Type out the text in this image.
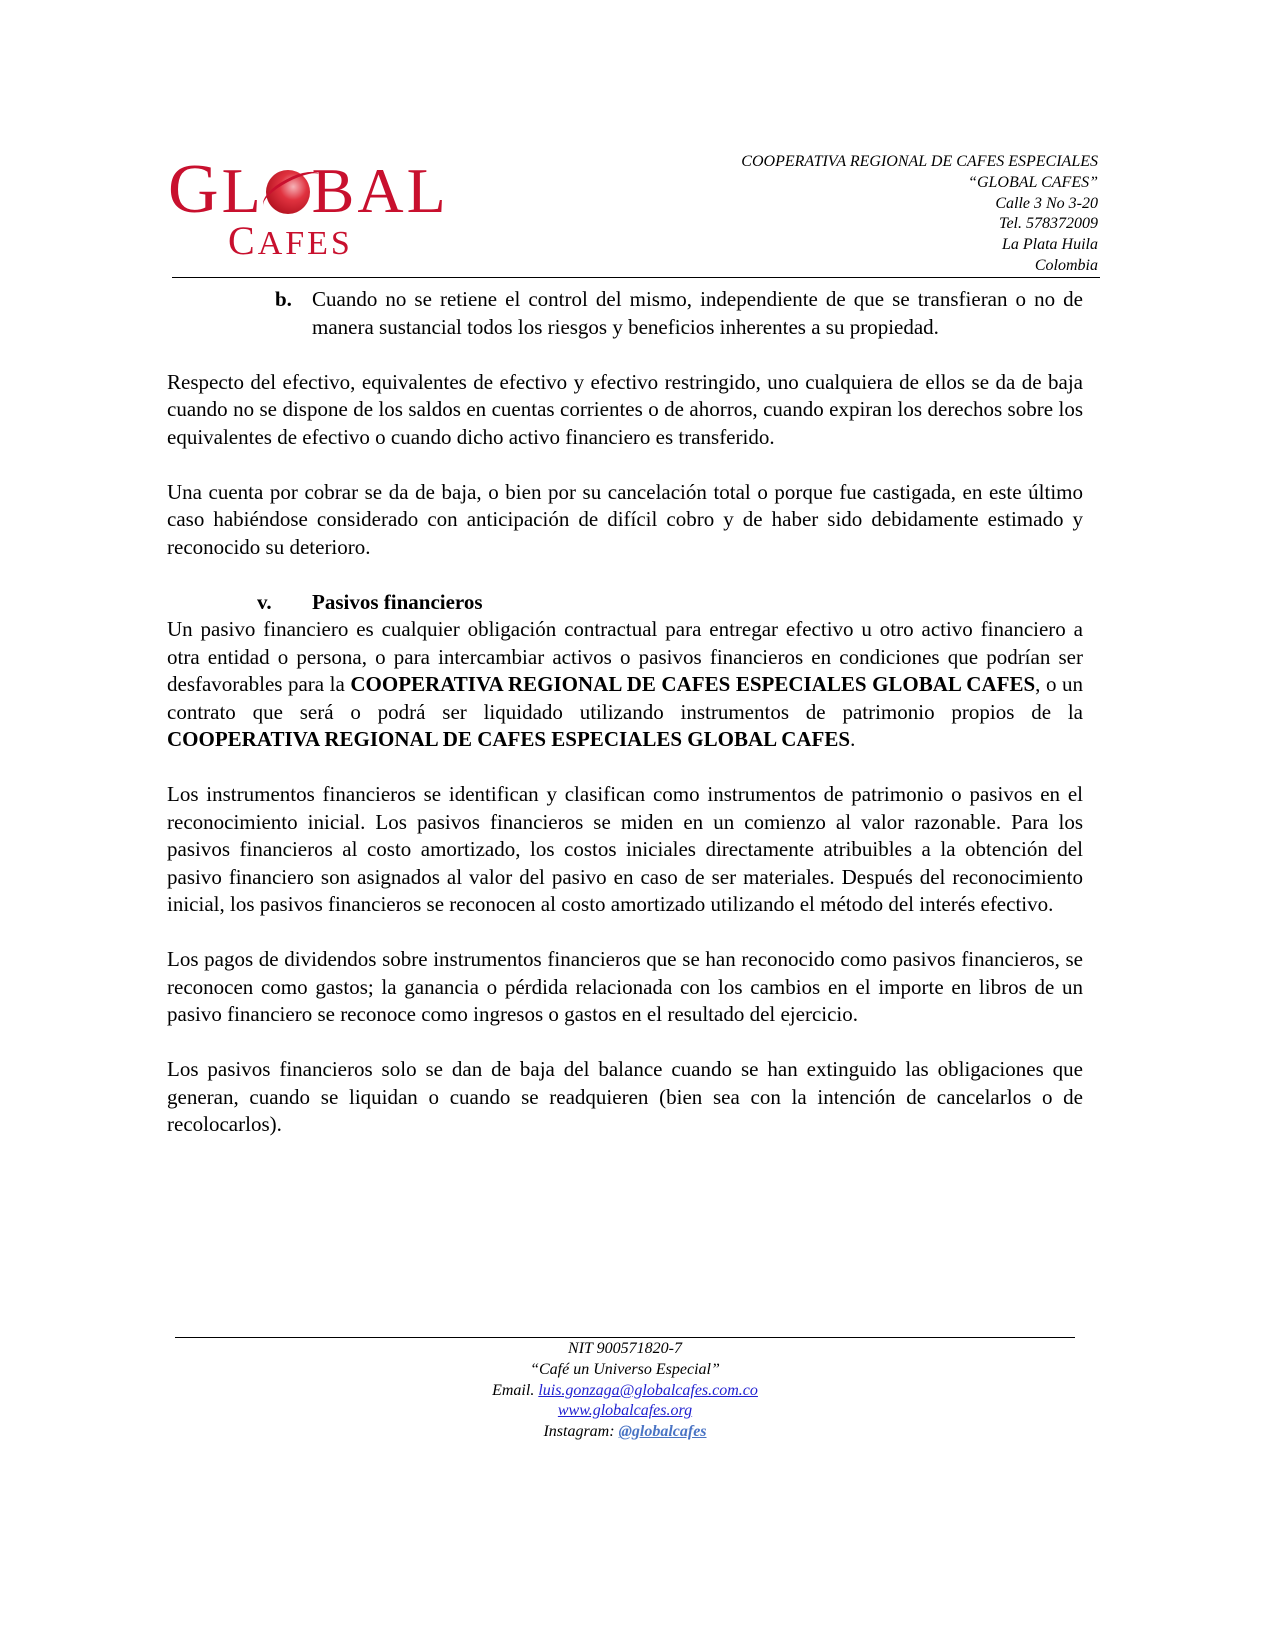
GL BAL
CAFES
COOPERATIVA REGIONAL DE CAFES ESPECIALES
“GLOBAL CAFES”
Calle 3 No 3-20
Tel. 578372009
La Plata Huila
Colombia

b. Cuando no se retiene el control del mismo, independiente de que se transfieran o no de manera sustancial todos los riesgos y beneficios inherentes a su propiedad.

Respecto del efectivo, equivalentes de efectivo y efectivo restringido, uno cualquiera de ellos se da de baja cuando no se dispone de los saldos en cuentas corrientes o de ahorros, cuando expiran los derechos sobre los equivalentes de efectivo o cuando dicho activo financiero es transferido.

Una cuenta por cobrar se da de baja, o bien por su cancelación total o porque fue castigada, en este último caso habiéndose considerado con anticipación de difícil cobro y de haber sido debidamente estimado y reconocido su deterioro.

v. Pasivos financieros

Un pasivo financiero es cualquier obligación contractual para entregar efectivo u otro activo financiero a otra entidad o persona, o para intercambiar activos o pasivos financieros en condiciones que podrían ser desfavorables para la COOPERATIVA REGIONAL DE CAFES ESPECIALES GLOBAL CAFES, o un contrato que será o podrá ser liquidado utilizando instrumentos de patrimonio propios de la COOPERATIVA REGIONAL DE CAFES ESPECIALES GLOBAL CAFES.

Los instrumentos financieros se identifican y clasifican como instrumentos de patrimonio o pasivos en el reconocimiento inicial. Los pasivos financieros se miden en un comienzo al valor razonable. Para los pasivos financieros al costo amortizado, los costos iniciales directamente atribuibles a la obtención del pasivo financiero son asignados al valor del pasivo en caso de ser materiales. Después del reconocimiento inicial, los pasivos financieros se reconocen al costo amortizado utilizando el método del interés efectivo.

Los pagos de dividendos sobre instrumentos financieros que se han reconocido como pasivos financieros, se reconocen como gastos; la ganancia o pérdida relacionada con los cambios en el importe en libros de un pasivo financiero se reconoce como ingresos o gastos en el resultado del ejercicio.

Los pasivos financieros solo se dan de baja del balance cuando se han extinguido las obligaciones que generan, cuando se liquidan o cuando se readquieren (bien sea con la intención de cancelarlos o de recolocarlos).

NIT 900571820-7
“Café un Universo Especial”
Email. luis.gonzaga@globalcafes.com.co
www.globalcafes.org
Instagram: @globalcafes
